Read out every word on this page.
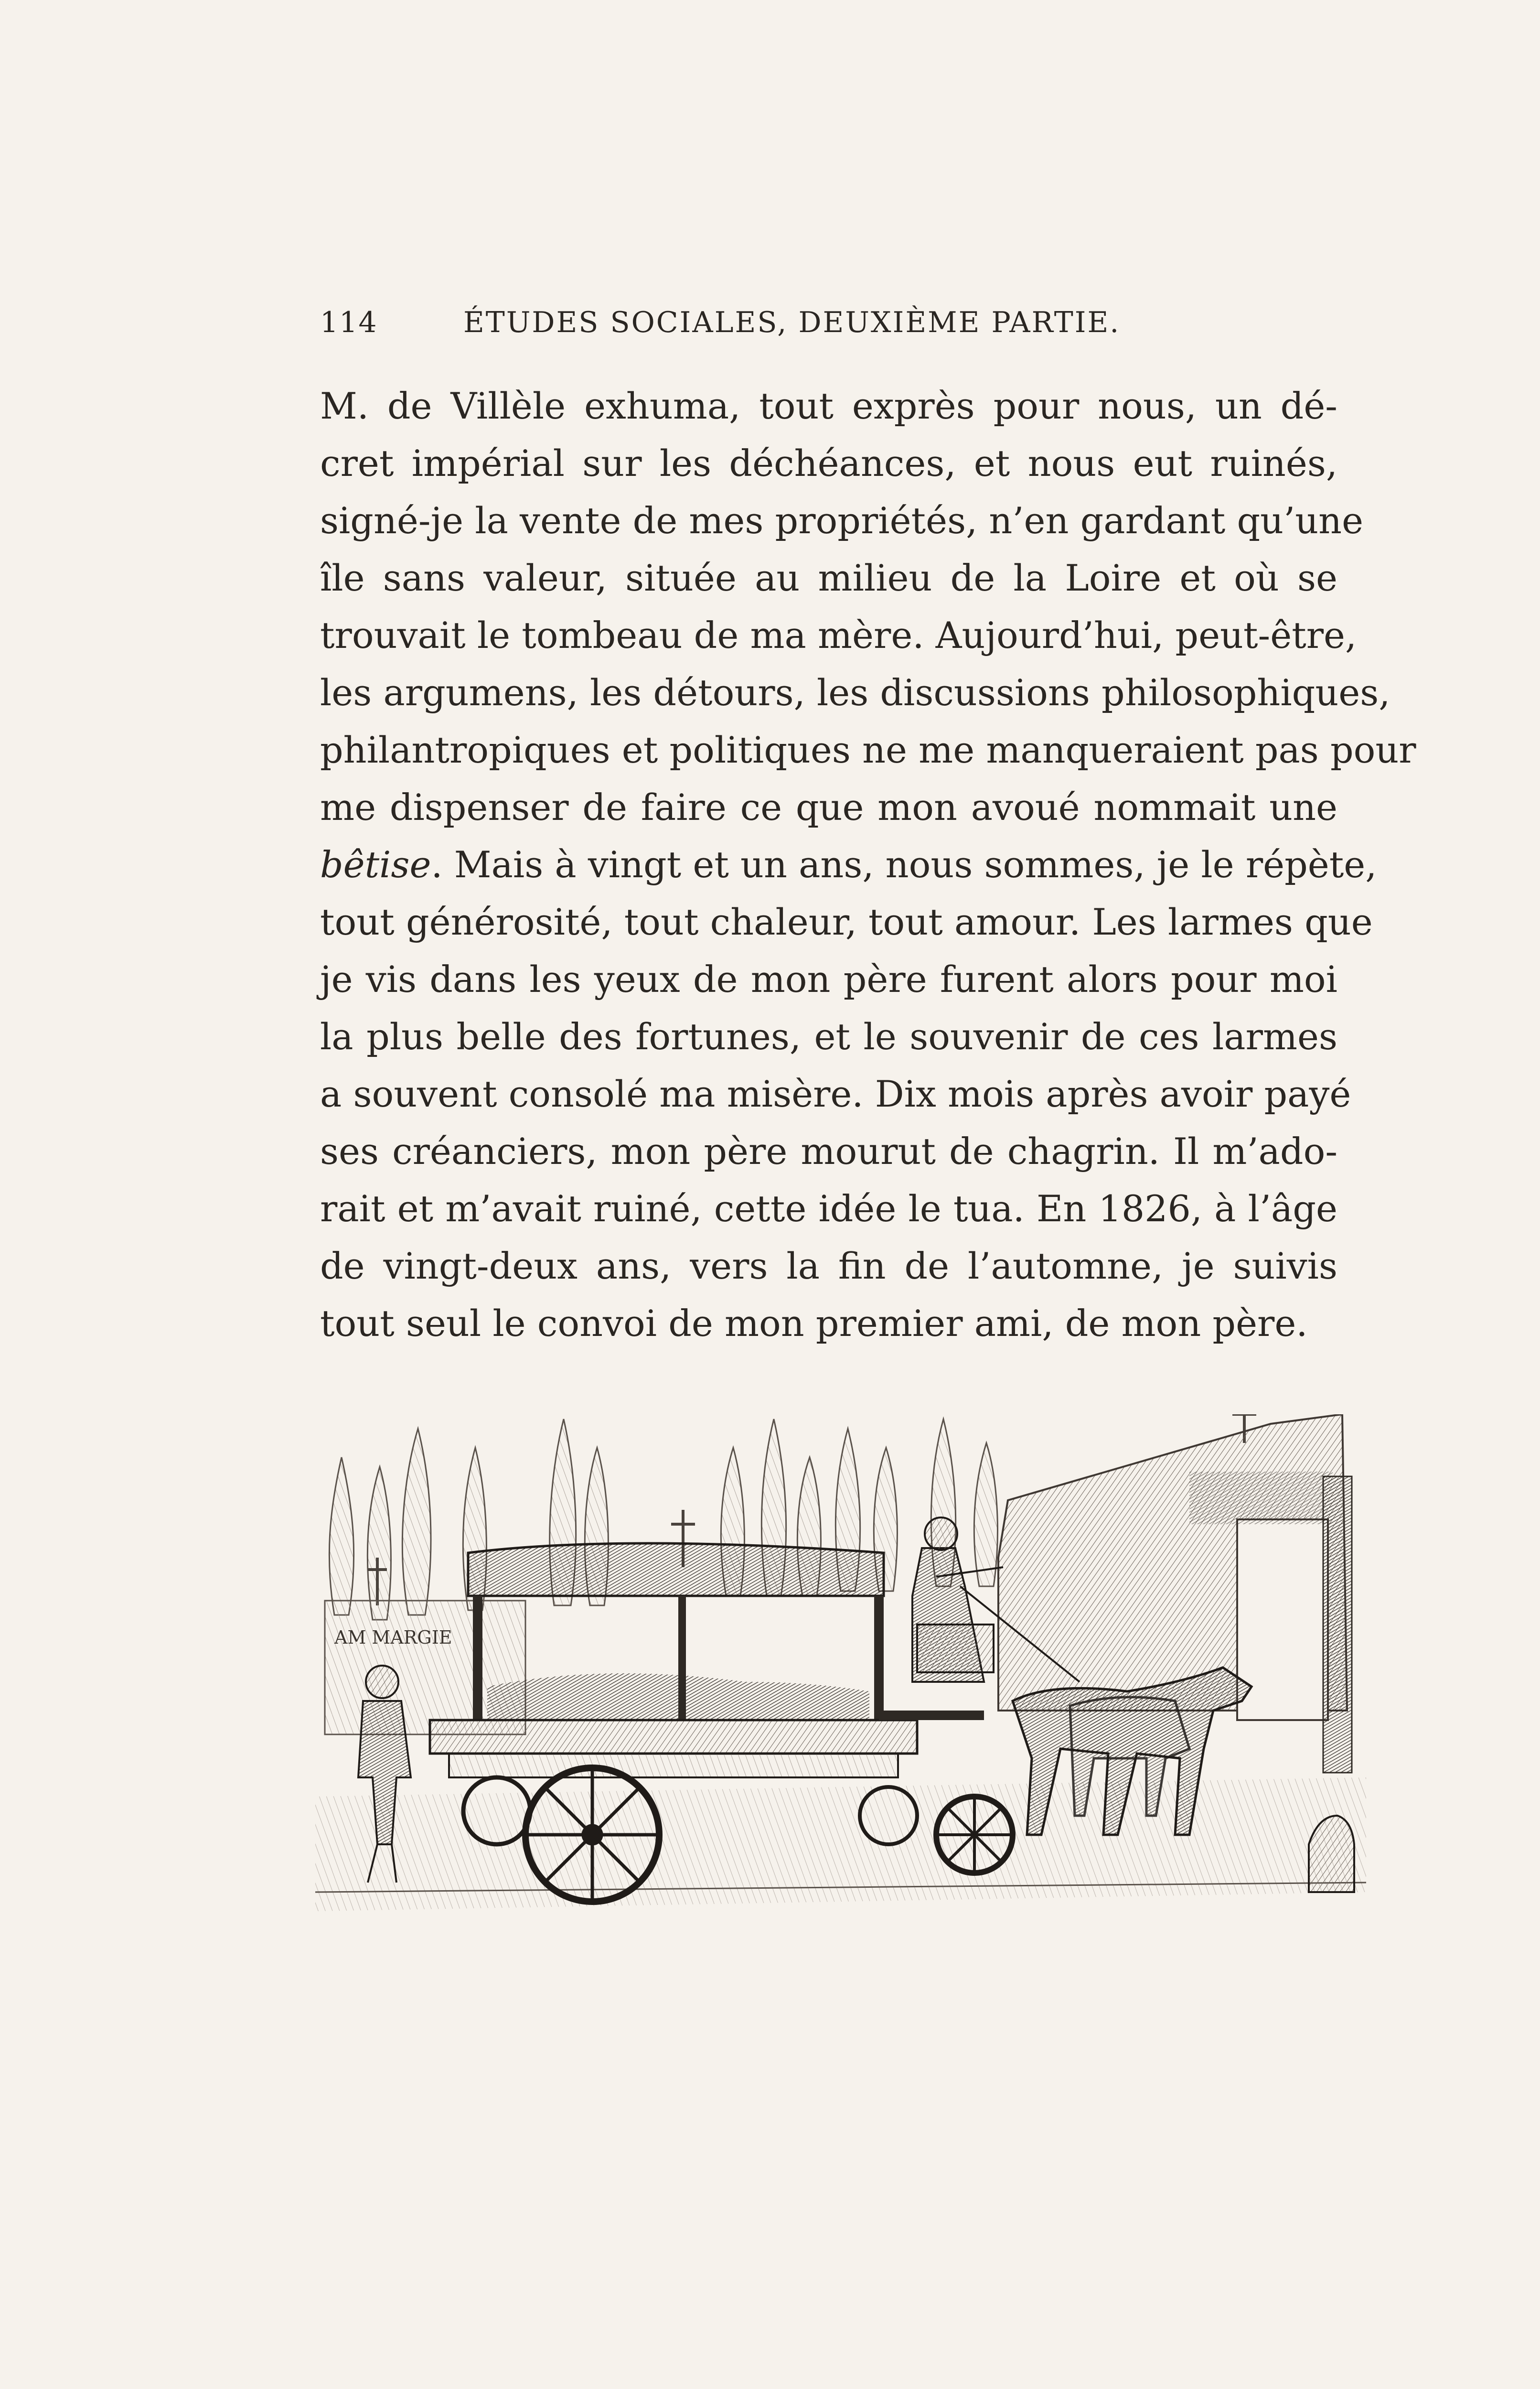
114	ÉTUDES SOCIALES, DEUXIÈME PARTIE.
M. de Villèle exhuma, tout exprès pour nous, un dé-
cret impérial sur les déchéances, et nous eut ruinés,
signé-je la vente de mes propriétés, n’en gardant qu’une
île sans valeur, située au milieu de la Loire et où se
trouvait le tombeau de ma mère. Aujourd’hui, peut-être,
les argumens, les détours, les discussions philosophiques,
philantropiques et politiques ne me manqueraient pas pour
me dispenser de faire ce que mon avoué nommait une
bêtise. Mais à vingt et un ans, nous sommes, je le répète,
tout générosité, tout chaleur, tout amour. Les larmes que
je vis dans les yeux de mon père furent alors pour moi
la plus belle des fortunes, et le souvenir de ces larmes
a souvent consolé ma misère. Dix mois après avoir payé
ses créanciers, mon père mourut de chagrin. Il m’ado-
rait et m’avait ruiné, cette idée le tua. En 1826, à l’âge
de vingt-deux ans, vers la fin de l’automne, je suivis
tout seul le convoi de mon premier ami, de mon père.
AM MARGIE
